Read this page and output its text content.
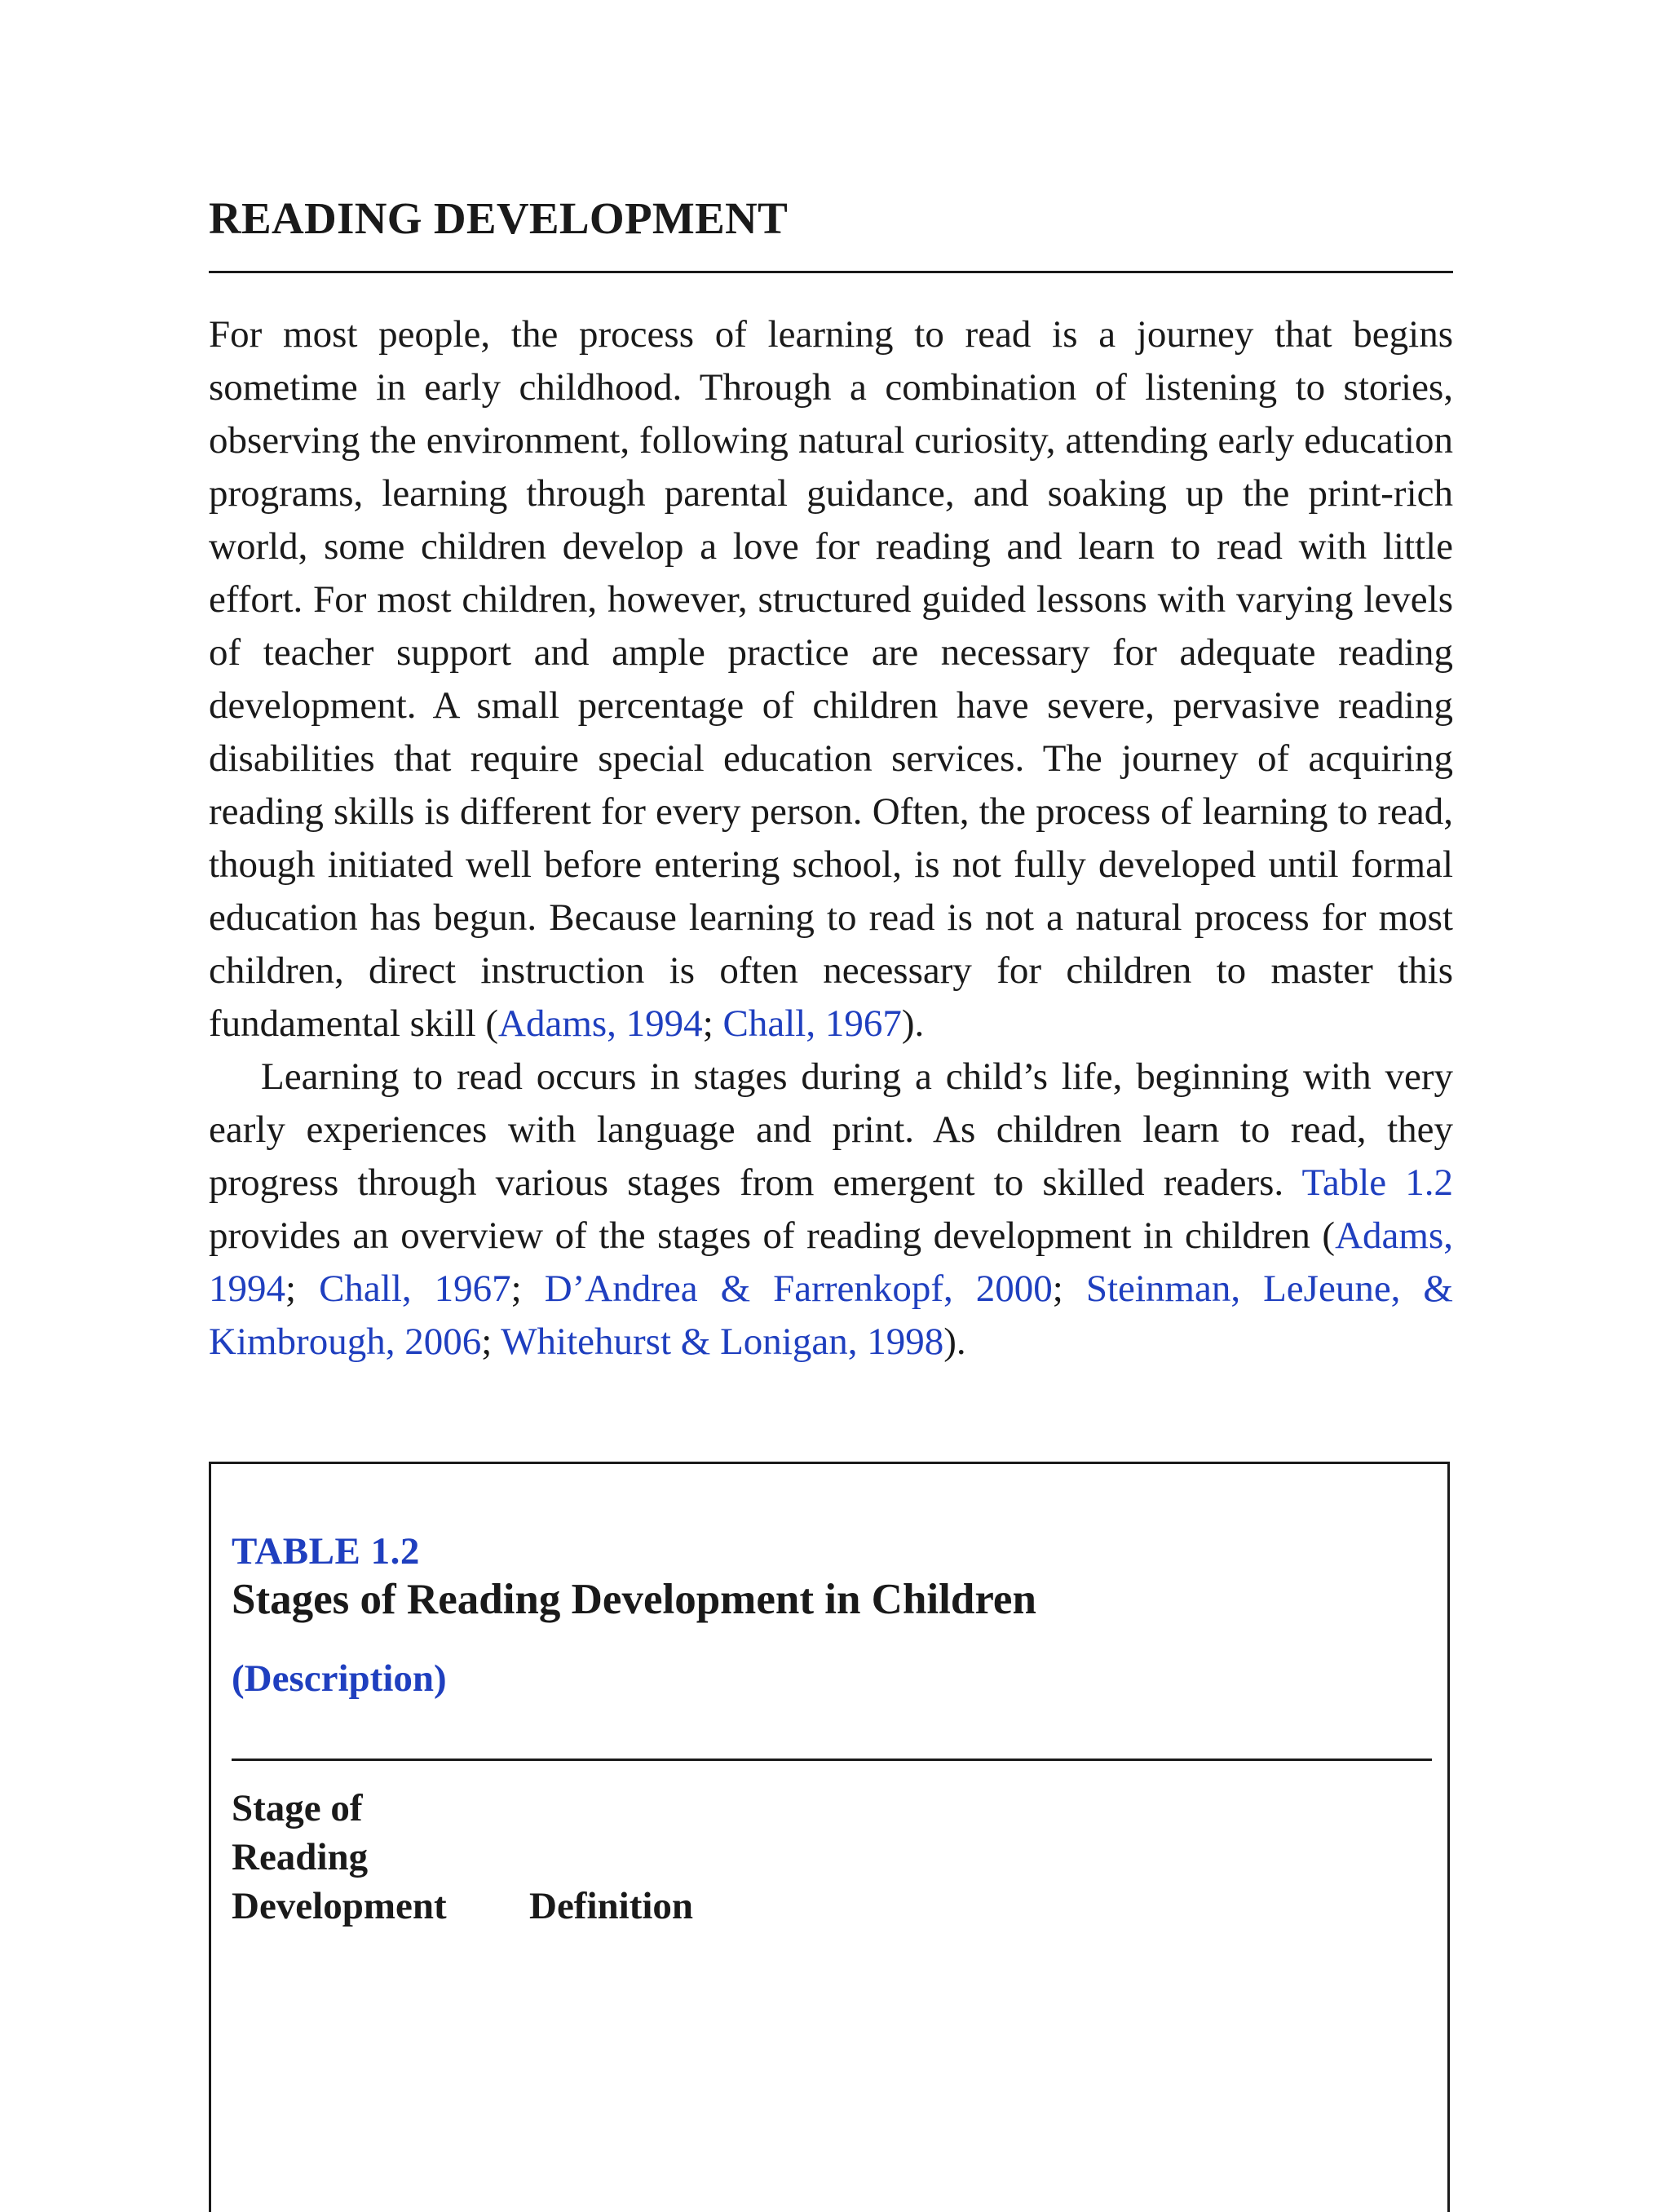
READING DEVELOPMENT

For most people, the process of learning to read is a journey that begins sometime in early childhood. Through a combination of listening to stories, observing the environment, following natural curiosity, attending early education programs, learning through parental guidance, and soaking up the print-rich world, some children develop a love for reading and learn to read with little effort. For most children, however, structured guided lessons with varying levels of teacher support and ample practice are necessary for adequate reading development. A small percentage of children have severe, pervasive reading disabilities that require special education services. The journey of acquiring reading skills is different for every person. Often, the process of learning to read, though initiated well before entering school, is not fully developed until formal education has begun. Because learning to read is not a natural process for most children, direct instruction is often necessary for children to master this fundamental skill (Adams, 1994; Chall, 1967).

Learning to read occurs in stages during a child’s life, beginning with very early experiences with language and print. As children learn to read, they progress through various stages from emergent to skilled readers. Table 1.2 provides an overview of the stages of reading development in children (Adams, 1994; Chall, 1967; D’Andrea & Farrenkopf, 2000; Steinman, LeJeune, & Kimbrough, 2006; Whitehurst & Lonigan, 1998).

TABLE 1.2
Stages of Reading Development in Children
(Description)
Stage of
Reading
Development Definition
